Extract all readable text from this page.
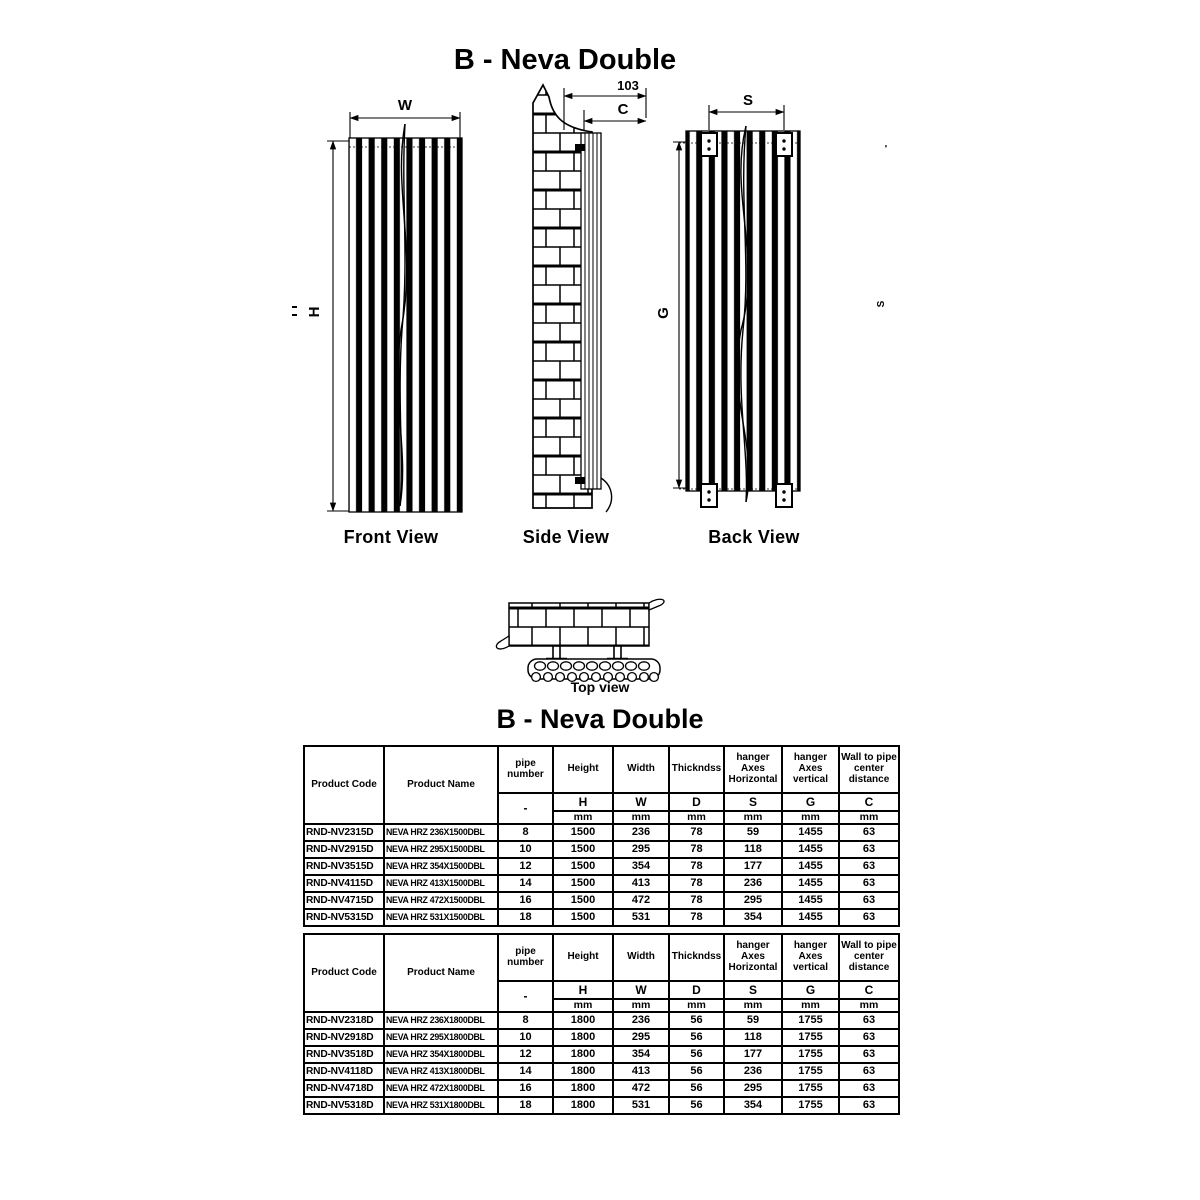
B - Neva Double
W
H
Front View
103
C
Side View
G
S
Back View
'
S
Top view
B - Neva Double
Product Code	Product Name	pipe number	Height	Width	Thickndss	hanger Axes Horizontal	hanger Axes vertical	Wall to pipe center distance
		-	H	W	D	S	G	C
			mm	mm	mm	mm	mm	mm
RND-NV2315D	NEVA HRZ 236X1500DBL	8	1500	236	78	59	1455	63
RND-NV2915D	NEVA HRZ 295X1500DBL	10	1500	295	78	118	1455	63
RND-NV3515D	NEVA HRZ 354X1500DBL	12	1500	354	78	177	1455	63
RND-NV4115D	NEVA HRZ 413X1500DBL	14	1500	413	78	236	1455	63
RND-NV4715D	NEVA HRZ 472X1500DBL	16	1500	472	78	295	1455	63
RND-NV5315D	NEVA HRZ 531X1500DBL	18	1500	531	78	354	1455	63
Product Code	Product Name	pipe number	Height	Width	Thickndss	hanger Axes Horizontal	hanger Axes vertical	Wall to pipe center distance
		-	H	W	D	S	G	C
			mm	mm	mm	mm	mm	mm
RND-NV2318D	NEVA HRZ 236X1800DBL	8	1800	236	56	59	1755	63
RND-NV2918D	NEVA HRZ 295X1800DBL	10	1800	295	56	118	1755	63
RND-NV3518D	NEVA HRZ 354X1800DBL	12	1800	354	56	177	1755	63
RND-NV4118D	NEVA HRZ 413X1800DBL	14	1800	413	56	236	1755	63
RND-NV4718D	NEVA HRZ 472X1800DBL	16	1800	472	56	295	1755	63
RND-NV5318D	NEVA HRZ 531X1800DBL	18	1800	531	56	354	1755	63
